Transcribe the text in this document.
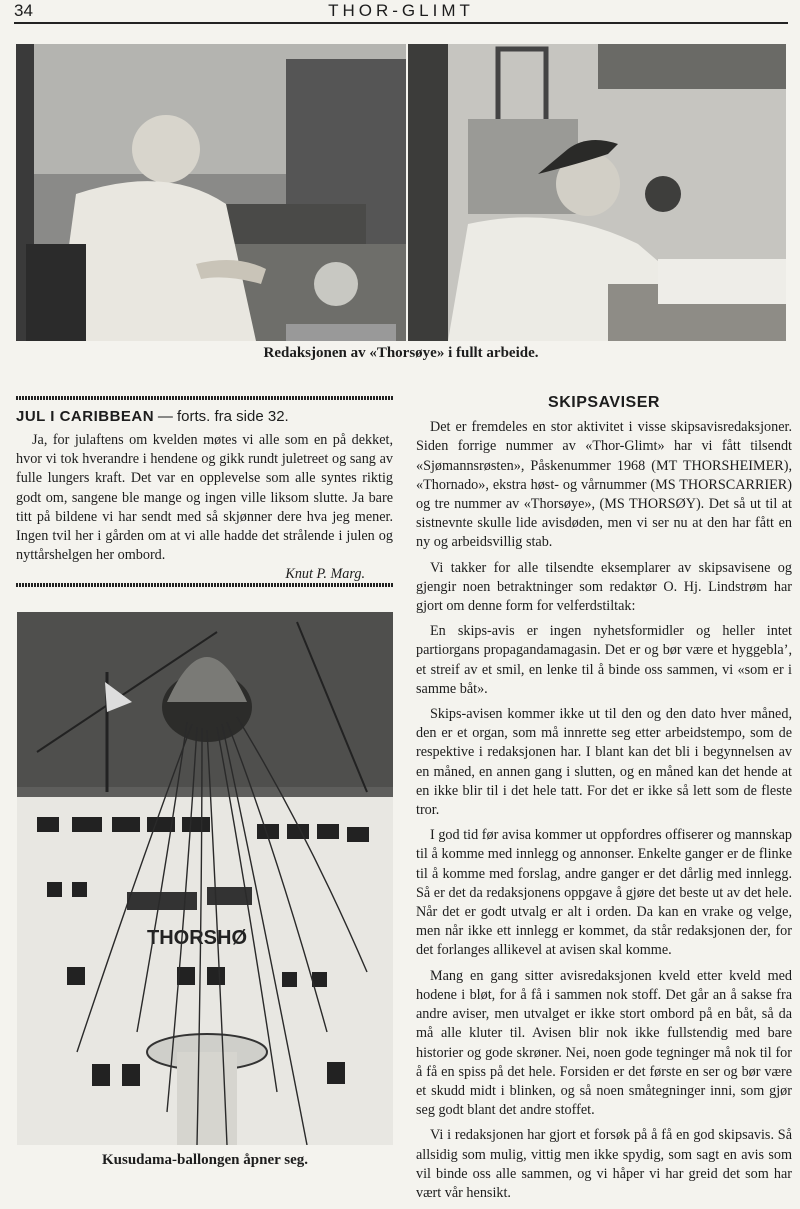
34	THOR-GLIMT
Redaksjonen av «Thorsøye» i fullt arbeide.
JUL I CARIBBEAN — forts. fra side 32.

Ja, for julaftens om kvelden møtes vi alle som en på dekket, hvor vi tok hverandre i hendene og gikk rundt juletreet og sang av fulle lungers kraft. Det var en opplevelse som alle syntes riktig godt om, sangene ble mange og ingen ville liksom slutte. Ja bare titt på bildene vi har sendt med så skjønner dere hva jeg mener. Ingen tvil her i gården om at vi alle hadde det strålende i julen og nyttårshelgen her ombord.

Knut P. Marg.
THORSHØ
Kusudama-ballongen åpner seg.
SKIPSAVISER

Det er fremdeles en stor aktivitet i visse skipsavisredaksjoner. Siden forrige nummer av «Thor-Glimt» har vi fått tilsendt «Sjømannsrøsten», Påskenummer 1968 (MT THORSHEIMER), «Thornado», ekstra høst- og vårnummer (MS THORSCARRIER) og tre nummer av «Thorsøye», (MS THORSØY). Det så ut til at sistnevnte skulle lide avisdøden, men vi ser nu at den har fått en ny og arbeidsvillig stab.

Vi takker for alle tilsendte eksemplarer av skipsavisene og gjengir noen betraktninger som redaktør O. Hj. Lindstrøm har gjort om denne form for velferdstiltak:

En skips-avis er ingen nyhetsformidler og heller intet partiorgans propagandamagasin. Det er og bør være et hyggebla’, et streif av et smil, en lenke til å binde oss sammen, vi «som er i samme båt».

Skips-avisen kommer ikke ut til den og den dato hver måned, den er et organ, som må innrette seg etter arbeidstempo, som de respektive i redaksjonen har. I blant kan det bli i begynnelsen av en måned, en annen gang i slutten, og en måned kan det hende at en ikke blir til i det hele tatt. For det er ikke så lett som de fleste tror.

I god tid før avisa kommer ut oppfordres offiserer og mannskap til å komme med innlegg og annonser. Enkelte ganger er de flinke til å komme med forslag, andre ganger er det dårlig med innlegg. Så er det da redaksjonens oppgave å gjøre det beste ut av det hele. Når det er godt utvalg er alt i orden. Da kan en vrake og velge, men når ikke ett innlegg er kommet, da står redaksjonen der, for det forlanges allikevel at avisen skal komme.

Mang en gang sitter avisredaksjonen kveld etter kveld med hodene i bløt, for å få i sammen nok stoff. Det går an å sakse fra andre aviser, men utvalget er ikke stort ombord på en båt, så da må alle kluter til. Avisen blir nok ikke fullstendig med bare historier og gode skrøner. Nei, noen gode tegninger må nok til for å få en spiss på det hele. Forsiden er det første en ser og bør være et skudd midt i blinken, og så noen småtegninger inni, som gjør seg godt blant det andre stoffet.

Vi i redaksjonen har gjort et forsøk på å få en god skipsavis. Så allsidig som mulig, vittig men ikke spydig, som sagt en avis som vil binde oss alle sammen, og vi håper vi har greid det som har vært vår hensikt.
